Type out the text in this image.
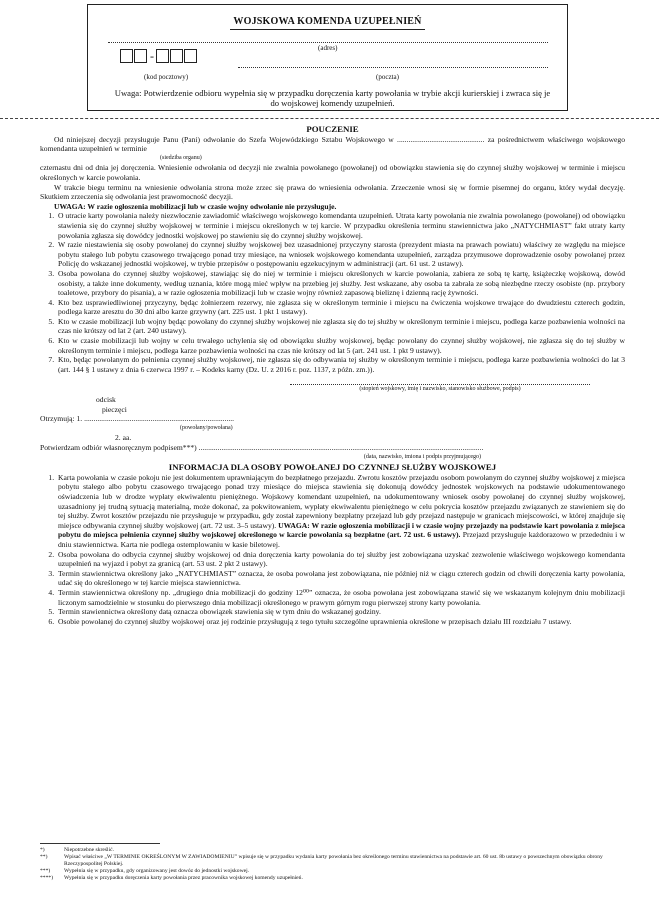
WOJSKOWA KOMENDA UZUPEŁNIEŃ
(adres)
-
(kod pocztowy)	(poczta)
Uwaga: Potwierdzenie odbioru wypełnia się w przypadku doręczenia karty powołania w trybie akcji kurierskiej i zwraca się je do wojskowej komendy uzupełnień.

POUCZENIE

Od niniejszej decyzji przysługuje Panu (Pani) odwołanie do Szefa Wojewódzkiego Sztabu Wojskowego w .............................................. za pośrednictwem właściwego wojskowego komendanta uzupełnień w terminie

(siedziba organu)

czternastu dni od dnia jej doręczenia. Wniesienie odwołania od decyzji nie zwalnia powołanego (powołanej) od obowiązku stawienia się do czynnej służby wojskowej w terminie i miejscu określonych w karcie powołania.

W trakcie biegu terminu na wniesienie odwołania strona może zrzec się prawa do wniesienia odwołania. Zrzeczenie wnosi się w formie pisemnej do organu, który wydał decyzję. Skutkiem zrzeczenia się odwołania jest prawomocność decyzji.

UWAGA: W razie ogłoszenia mobilizacji lub w czasie wojny odwołanie nie przysługuje.

1. O utracie karty powołania należy niezwłocznie zawiadomić właściwego wojskowego komendanta uzupełnień. Utrata karty powołania nie zwalnia powołanego (powołanej) od obowiązku stawienia się do czynnej służby wojskowej w terminie i miejscu określonych w tej karcie. W przypadku określenia terminu stawiennictwa jako „NATYCHMIAST” fakt utraty karty powołania zgłasza się dowódcy jednostki wojskowej po stawieniu się do czynnej służby wojskowej.
2. W razie niestawienia się osoby powołanej do czynnej służby wojskowej bez uzasadnionej przyczyny starosta (prezydent miasta na prawach powiatu) właściwy ze względu na miejsce pobytu stałego lub pobytu czasowego trwającego ponad trzy miesiące, na wniosek wojskowego komendanta uzupełnień, zarządza przymusowe doprowadzenie osoby powołanej przez Policję do wskazanej jednostki wojskowej, w trybie przepisów o postępowaniu egzekucyjnym w administracji (art. 61 ust. 2 ustawy).
3. Osoba powołana do czynnej służby wojskowej, stawiając się do niej w terminie i miejscu określonych w karcie powołania, zabiera ze sobą tę kartę, książeczkę wojskową, dowód osobisty, a także inne dokumenty, według uznania, które mogą mieć wpływ na przebieg jej służby. Jest wskazane, aby osoba ta zabrała ze sobą niezbędne rzeczy osobiste (np. przybory toaletowe, przybory do pisania), a w razie ogłoszenia mobilizacji lub w czasie wojny również zapasową bieliznę i dzienną rację żywności.
4. Kto bez usprawiedliwionej przyczyny, będąc żołnierzem rezerwy, nie zgłasza się w określonym terminie i miejscu na ćwiczenia wojskowe trwające do dwudziestu czterech godzin, podlega karze aresztu do 30 dni albo karze grzywny (art. 225 ust. 1 pkt 1 ustawy).
5. Kto w czasie mobilizacji lub wojny będąc powołany do czynnej służby wojskowej nie zgłasza się do tej służby w określonym terminie i miejscu, podlega karze pozbawienia wolności na czas nie krótszy od lat 2 (art. 240 ustawy).
6. Kto w czasie mobilizacji lub wojny w celu trwałego uchylenia się od obowiązku służby wojskowej, będąc powołany do czynnej służby wojskowej, nie zgłasza się do tej służby w określonym terminie i miejscu, podlega karze pozbawienia wolności na czas nie krótszy od lat 5 (art. 241 ust. 1 pkt 9 ustawy).
7. Kto, będąc powołanym do pełnienia czynnej służby wojskowej, nie zgłasza się do odbywania tej służby w określonym terminie i miejscu, podlega karze pozbawienia wolności do lat 3 (art. 144 § 1 ustawy z dnia 6 czerwca 1997 r. – Kodeks karny (Dz. U. z 2016 r. poz. 1137, z późn. zm.)).

(stopień wojskowy, imię i nazwisko, stanowisko służbowe, podpis)

odcisk

pieczęci

Otrzymują: 1. ...............................................................................

(powołany/powołana)

2. aa.

Potwierdzam odbiór własnoręcznym podpisem***) ......................................................................................................................................................

(data, nazwisko, imiona i podpis przyjmującego)

INFORMACJA DLA OSOBY POWOŁANEJ DO CZYNNEJ SŁUŻBY WOJSKOWEJ

1. Karta powołania w czasie pokoju nie jest dokumentem uprawniającym do bezpłatnego przejazdu. Zwrotu kosztów przejazdu osobom powołanym do czynnej służby wojskowej z miejsca pobytu stałego albo pobytu czasowego trwającego ponad trzy miesiące do miejsca stawienia się dokonują dowódcy jednostek wojskowych na podstawie udokumentowanego oświadczenia lub w drodze wypłaty ekwiwalentu pieniężnego. Wojskowy komendant uzupełnień, na udokumentowany wniosek osoby powołanej do czynnej służby wojskowej, uzasadniony jej trudną sytuacją materialną, może dokonać, za pokwitowaniem, wypłaty ekwiwalentu pieniężnego w celu pokrycia kosztów przejazdu związanych ze stawieniem się do tej służby. Zwrot kosztów przejazdu nie przysługuje w przypadku, gdy został zapewniony bezpłatny przejazd lub gdy przejazd następuje w granicach miejscowości, w której znajduje się miejsce odbywania czynnej służby wojskowej (art. 72 ust. 3–5 ustawy). UWAGA: W razie ogłoszenia mobilizacji i w czasie wojny przejazdy na podstawie kart powołania z miejsca pobytu do miejsca pełnienia czynnej służby wojskowej określonego w karcie powołania są bezpłatne (art. 72 ust. 6 ustawy). Przejazd przysługuje każdorazowo w przededniu i w dniu stawiennictwa. Karta nie podlega ostemplowaniu w kasie biletowej.
2. Osoba powołana do odbycia czynnej służby wojskowej od dnia doręczenia karty powołania do tej służby jest zobowiązana uzyskać zezwolenie właściwego wojskowego komendanta uzupełnień na wyjazd i pobyt za granicą (art. 53 ust. 2 pkt 2 ustawy).
3. Termin stawiennictwa określony jako „NATYCHMIAST” oznacza, że osoba powołana jest zobowiązana, nie później niż w ciągu czterech godzin od chwili doręczenia karty powołania, udać się do określonego w tej karcie miejsca stawiennictwa.
4. Termin stawiennictwa określony np. „drugiego dnia mobilizacji do godziny 12⁰⁰” oznacza, że osoba powołana jest zobowiązana stawić się we wskazanym kolejnym dniu mobilizacji liczonym samodzielnie w stosunku do pierwszego dnia mobilizacji określonego w prawym górnym rogu pierwszej strony karty powołania.
5. Termin stawiennictwa określony datą oznacza obowiązek stawienia się w tym dniu do wskazanej godziny.
6. Osobie powołanej do czynnej służby wojskowej oraz jej rodzinie przysługują z tego tytułu szczególne uprawnienia określone w przepisach działu III rozdziału 7 ustawy.
*)	Niepotrzebne skreślić.
**)	Wpisać właściwe „W TERMINIE OKREŚLONYM W ZAWIADOMIENIU” wpisuje się w przypadku wydania karty powołania bez określonego terminu stawiennictwa na podstawie art. 60 ust. 8b ustawy o powszechnym obowiązku obrony Rzeczypospolitej Polskiej.
***)	Wypełnia się w przypadku, gdy organizowany jest dowóz do jednostki wojskowej.
****)	Wypełnia się w przypadku doręczenia karty powołania przez pracownika wojskowej komendy uzupełnień.
